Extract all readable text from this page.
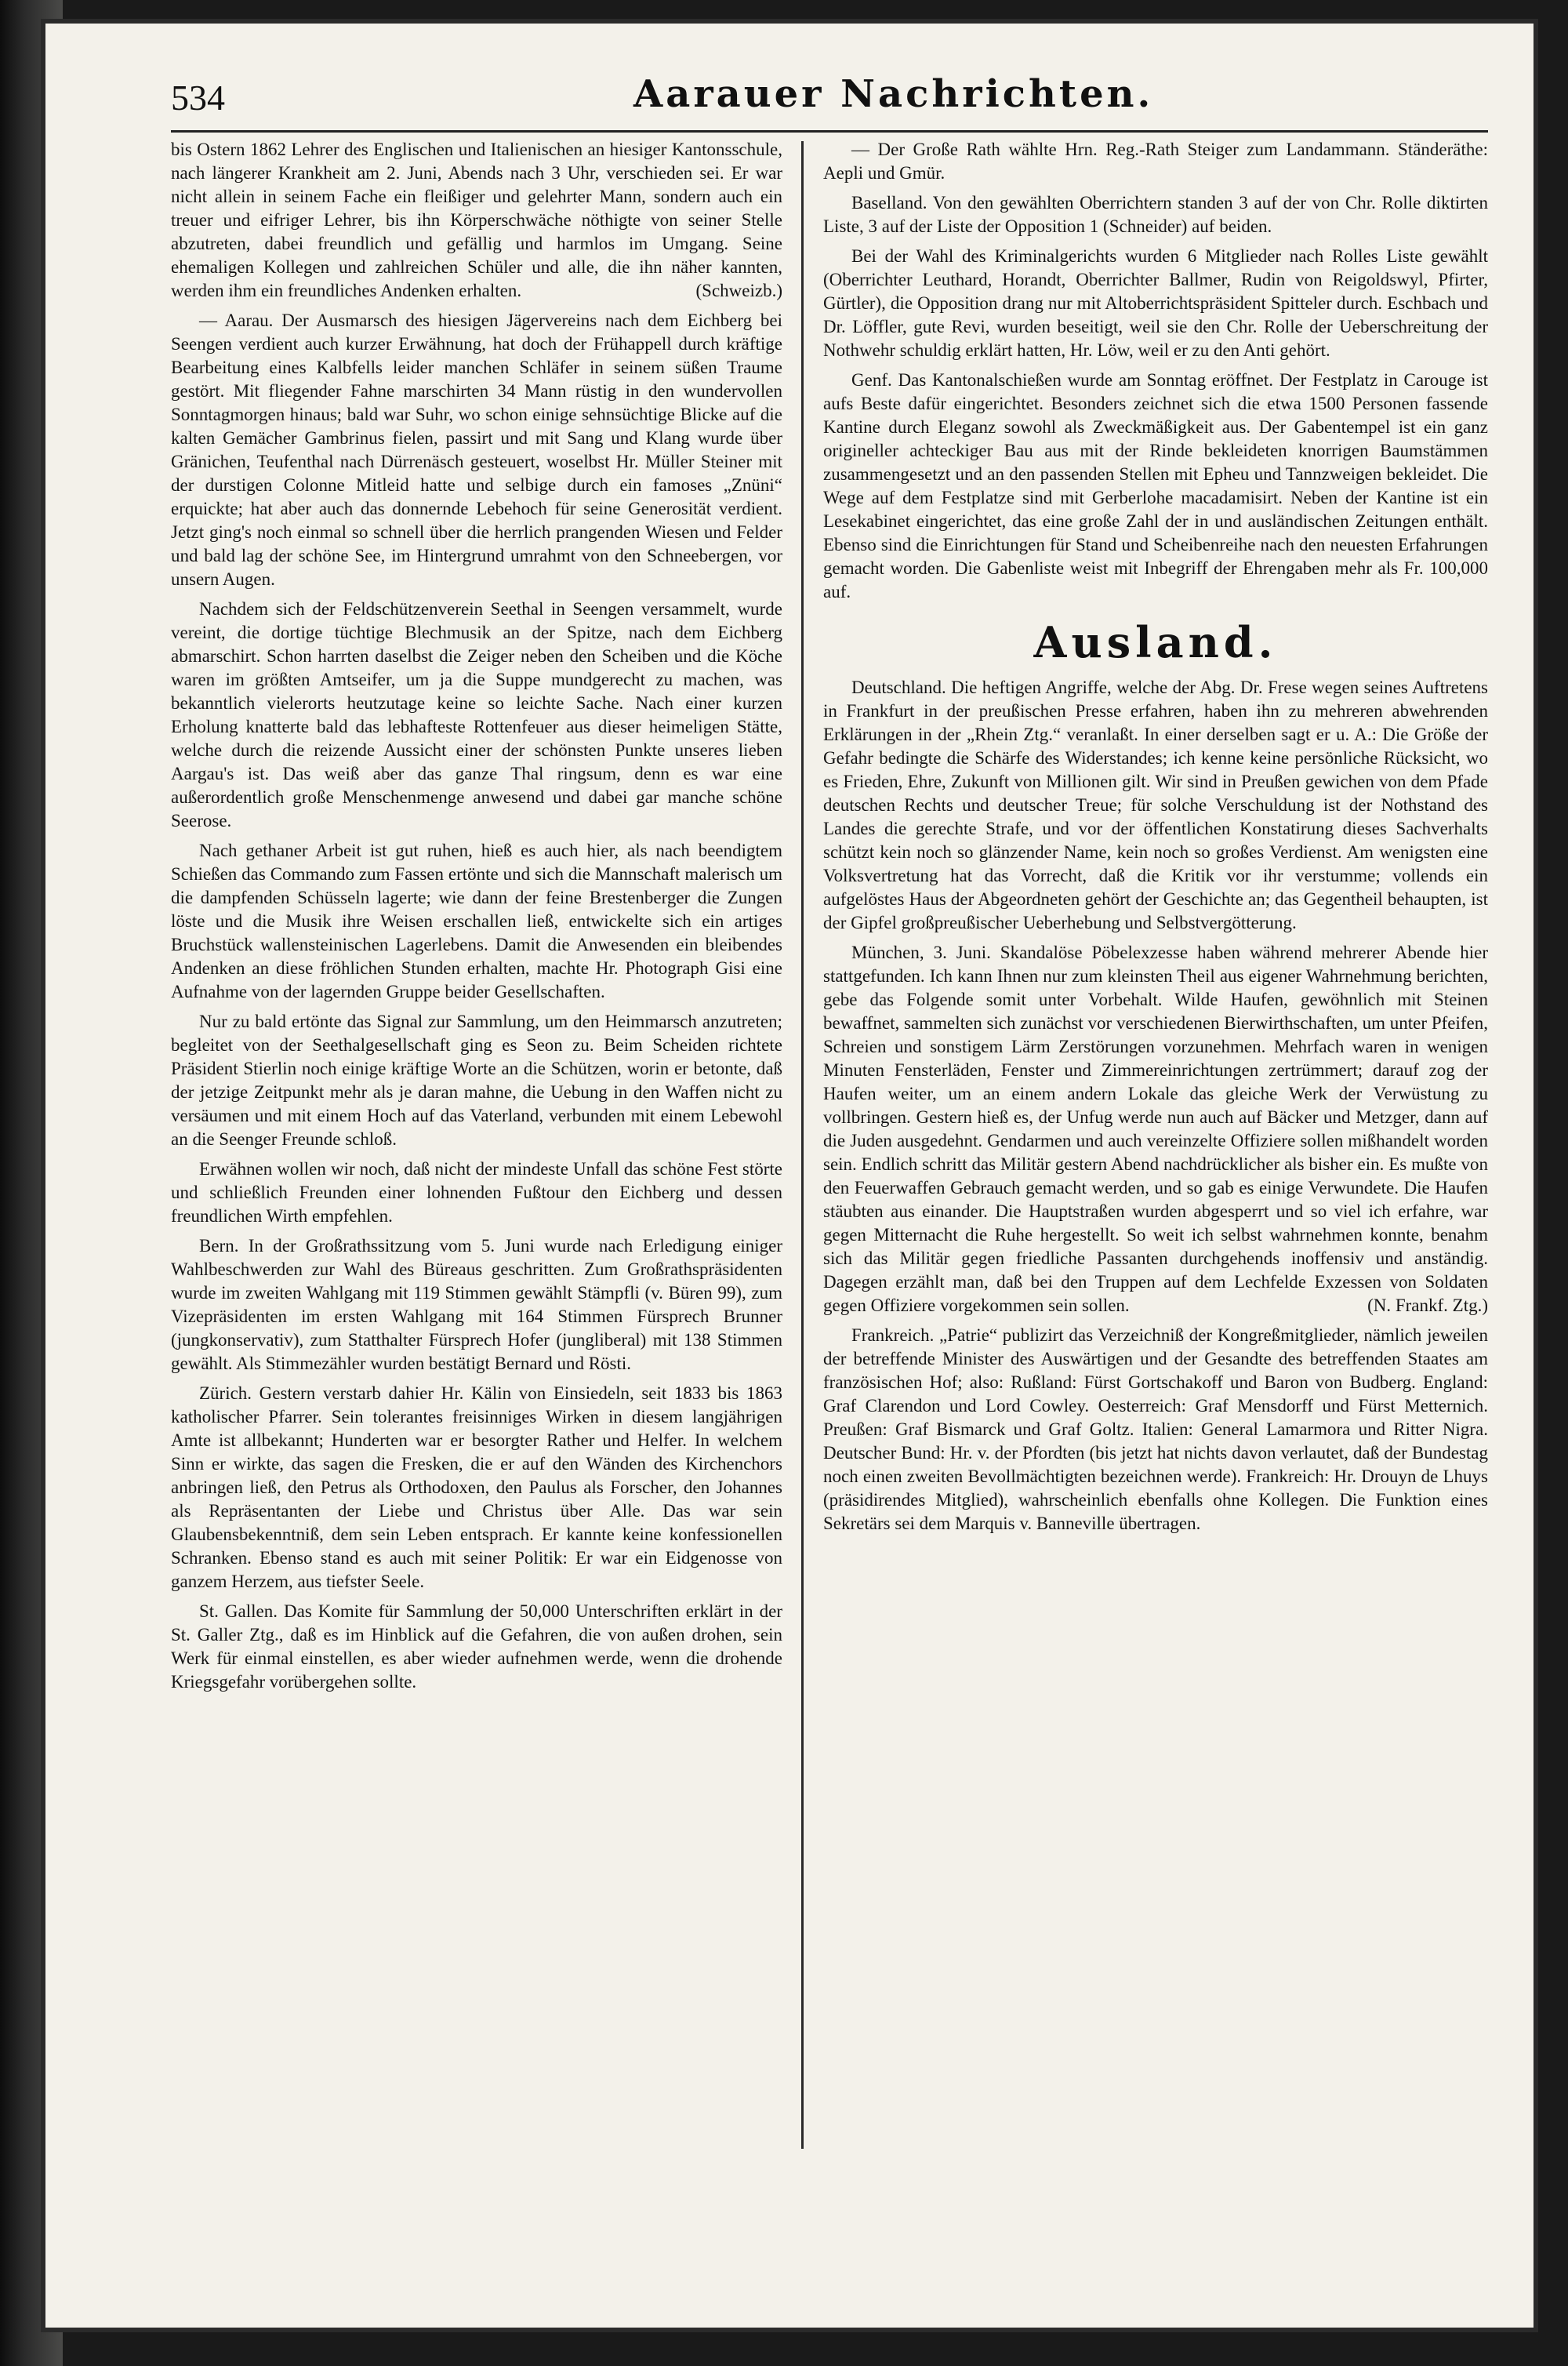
534	Aarauer Nachrichten.

bis Ostern 1862 Lehrer des Englischen und Italienischen an hiesiger Kantonsschule, nach längerer Krankheit am 2. Juni, Abends nach 3 Uhr, verschieden sei. Er war nicht allein in seinem Fache ein fleißiger und gelehrter Mann, sondern auch ein treuer und eifriger Lehrer, bis ihn Körperschwäche nöthigte von seiner Stelle abzutreten, dabei freundlich und gefällig und harmlos im Umgang. Seine ehemaligen Kollegen und zahlreichen Schüler und alle, die ihn näher kannten, werden ihm ein freundliches Andenken erhalten.	(Schweizb.)

— Aarau. Der Ausmarsch des hiesigen Jägervereins nach dem Eichberg bei Seengen verdient auch kurzer Erwähnung, hat doch der Frühappell durch kräftige Bearbeitung eines Kalbfells leider manchen Schläfer in seinem süßen Traume gestört. Mit fliegender Fahne marschirten 34 Mann rüstig in den wundervollen Sonntagmorgen hinaus; bald war Suhr, wo schon einige sehnsüchtige Blicke auf die kalten Gemächer Gambrinus fielen, passirt und mit Sang und Klang wurde über Gränichen, Teufenthal nach Dürrenäsch gesteuert, woselbst Hr. Müller Steiner mit der durstigen Colonne Mitleid hatte und selbige durch ein famoses „Znüni“ erquickte; hat aber auch das donnernde Lebehoch für seine Generosität verdient. Jetzt ging's noch einmal so schnell über die herrlich prangenden Wiesen und Felder und bald lag der schöne See, im Hintergrund umrahmt von den Schneebergen, vor unsern Augen.

Nachdem sich der Feldschützenverein Seethal in Seengen versammelt, wurde vereint, die dortige tüchtige Blechmusik an der Spitze, nach dem Eichberg abmarschirt. Schon harrten daselbst die Zeiger neben den Scheiben und die Köche waren im größten Amtseifer, um ja die Suppe mundgerecht zu machen, was bekanntlich vielerorts heutzutage keine so leichte Sache. Nach einer kurzen Erholung knatterte bald das lebhafteste Rottenfeuer aus dieser heimeligen Stätte, welche durch die reizende Aussicht einer der schönsten Punkte unseres lieben Aargau's ist. Das weiß aber das ganze Thal ringsum, denn es war eine außerordentlich große Menschenmenge anwesend und dabei gar manche schöne Seerose.

Nach gethaner Arbeit ist gut ruhen, hieß es auch hier, als nach beendigtem Schießen das Commando zum Fassen ertönte und sich die Mannschaft malerisch um die dampfenden Schüsseln lagerte; wie dann der feine Brestenberger die Zungen löste und die Musik ihre Weisen erschallen ließ, entwickelte sich ein artiges Bruchstück wallensteinischen Lagerlebens. Damit die Anwesenden ein bleibendes Andenken an diese fröhlichen Stunden erhalten, machte Hr. Photograph Gisi eine Aufnahme von der lagernden Gruppe beider Gesellschaften.

Nur zu bald ertönte das Signal zur Sammlung, um den Heimmarsch anzutreten; begleitet von der Seethalgesellschaft ging es Seon zu. Beim Scheiden richtete Präsident Stierlin noch einige kräftige Worte an die Schützen, worin er betonte, daß der jetzige Zeitpunkt mehr als je daran mahne, die Uebung in den Waffen nicht zu versäumen und mit einem Hoch auf das Vaterland, verbunden mit einem Lebewohl an die Seenger Freunde schloß.

Erwähnen wollen wir noch, daß nicht der mindeste Unfall das schöne Fest störte und schließlich Freunden einer lohnenden Fußtour den Eichberg und dessen freundlichen Wirth empfehlen.

Bern. In der Großrathssitzung vom 5. Juni wurde nach Erledigung einiger Wahlbeschwerden zur Wahl des Büreaus geschritten. Zum Großrathspräsidenten wurde im zweiten Wahlgang mit 119 Stimmen gewählt Stämpfli (v. Büren 99), zum Vizepräsidenten im ersten Wahlgang mit 164 Stimmen Fürsprech Brunner (jungkonservativ), zum Statthalter Fürsprech Hofer (jungliberal) mit 138 Stimmen gewählt. Als Stimmezähler wurden bestätigt Bernard und Rösti.

Zürich. Gestern verstarb dahier Hr. Kälin von Einsiedeln, seit 1833 bis 1863 katholischer Pfarrer. Sein tolerantes freisinniges Wirken in diesem langjährigen Amte ist allbekannt; Hunderten war er besorgter Rather und Helfer. In welchem Sinn er wirkte, das sagen die Fresken, die er auf den Wänden des Kirchenchors anbringen ließ, den Petrus als Orthodoxen, den Paulus als Forscher, den Johannes als Repräsentanten der Liebe und Christus über Alle. Das war sein Glaubensbekenntniß, dem sein Leben entsprach. Er kannte keine konfessionellen Schranken. Ebenso stand es auch mit seiner Politik: Er war ein Eidgenosse von ganzem Herzem, aus tiefster Seele.

St. Gallen. Das Komite für Sammlung der 50,000 Unterschriften erklärt in der St. Galler Ztg., daß es im Hinblick auf die Gefahren, die von außen drohen, sein Werk für einmal einstellen, es aber wieder aufnehmen werde, wenn die drohende Kriegsgefahr vorübergehen sollte.

— Der Große Rath wählte Hrn. Reg.-Rath Steiger zum Landammann. Ständeräthe: Aepli und Gmür.

Baselland. Von den gewählten Oberrichtern standen 3 auf der von Chr. Rolle diktirten Liste, 3 auf der Liste der Opposition 1 (Schneider) auf beiden.

Bei der Wahl des Kriminalgerichts wurden 6 Mitglieder nach Rolles Liste gewählt (Oberrichter Leuthard, Horandt, Oberrichter Ballmer, Rudin von Reigoldswyl, Pfirter, Gürtler), die Opposition drang nur mit Altoberrichtspräsident Spitteler durch. Eschbach und Dr. Löffler, gute Revi, wurden beseitigt, weil sie den Chr. Rolle der Ueberschreitung der Nothwehr schuldig erklärt hatten, Hr. Löw, weil er zu den Anti gehört.

Genf. Das Kantonalschießen wurde am Sonntag eröffnet. Der Festplatz in Carouge ist aufs Beste dafür eingerichtet. Besonders zeichnet sich die etwa 1500 Personen fassende Kantine durch Eleganz sowohl als Zweckmäßigkeit aus. Der Gabentempel ist ein ganz origineller achteckiger Bau aus mit der Rinde bekleideten knorrigen Baumstämmen zusammengesetzt und an den passenden Stellen mit Epheu und Tannzweigen bekleidet. Die Wege auf dem Festplatze sind mit Gerberlohe macadamisirt. Neben der Kantine ist ein Lesekabinet eingerichtet, das eine große Zahl der in und ausländischen Zeitungen enthält. Ebenso sind die Einrichtungen für Stand und Scheibenreihe nach den neuesten Erfahrungen gemacht worden. Die Gabenliste weist mit Inbegriff der Ehrengaben mehr als Fr. 100,000 auf.

Ausland.

Deutschland. Die heftigen Angriffe, welche der Abg. Dr. Frese wegen seines Auftretens in Frankfurt in der preußischen Presse erfahren, haben ihn zu mehreren abwehrenden Erklärungen in der „Rhein Ztg.“ veranlaßt. In einer derselben sagt er u. A.: Die Größe der Gefahr bedingte die Schärfe des Widerstandes; ich kenne keine persönliche Rücksicht, wo es Frieden, Ehre, Zukunft von Millionen gilt. Wir sind in Preußen gewichen von dem Pfade deutschen Rechts und deutscher Treue; für solche Verschuldung ist der Nothstand des Landes die gerechte Strafe, und vor der öffentlichen Konstatirung dieses Sachverhalts schützt kein noch so glänzender Name, kein noch so großes Verdienst. Am wenigsten eine Volksvertretung hat das Vorrecht, daß die Kritik vor ihr verstumme; vollends ein aufgelöstes Haus der Abgeordneten gehört der Geschichte an; das Gegentheil behaupten, ist der Gipfel großpreußischer Ueberhebung und Selbstvergötterung.

München, 3. Juni. Skandalöse Pöbelexzesse haben während mehrerer Abende hier stattgefunden. Ich kann Ihnen nur zum kleinsten Theil aus eigener Wahrnehmung berichten, gebe das Folgende somit unter Vorbehalt. Wilde Haufen, gewöhnlich mit Steinen bewaffnet, sammelten sich zunächst vor verschiedenen Bierwirthschaften, um unter Pfeifen, Schreien und sonstigem Lärm Zerstörungen vorzunehmen. Mehrfach waren in wenigen Minuten Fensterläden, Fenster und Zimmereinrichtungen zertrümmert; darauf zog der Haufen weiter, um an einem andern Lokale das gleiche Werk der Verwüstung zu vollbringen. Gestern hieß es, der Unfug werde nun auch auf Bäcker und Metzger, dann auf die Juden ausgedehnt. Gendarmen und auch vereinzelte Offiziere sollen mißhandelt worden sein. Endlich schritt das Militär gestern Abend nachdrücklicher als bisher ein. Es mußte von den Feuerwaffen Gebrauch gemacht werden, und so gab es einige Verwundete. Die Haufen stäubten aus einander. Die Hauptstraßen wurden abgesperrt und so viel ich erfahre, war gegen Mitternacht die Ruhe hergestellt. So weit ich selbst wahrnehmen konnte, benahm sich das Militär gegen friedliche Passanten durchgehends inoffensiv und anständig. Dagegen erzählt man, daß bei den Truppen auf dem Lechfelde Exzessen von Soldaten gegen Offiziere vorgekommen sein sollen.	(N. Frankf. Ztg.)

Frankreich. „Patrie“ publizirt das Verzeichniß der Kongreßmitglieder, nämlich jeweilen der betreffende Minister des Auswärtigen und der Gesandte des betreffenden Staates am französischen Hof; also: Rußland: Fürst Gortschakoff und Baron von Budberg. England: Graf Clarendon und Lord Cowley. Oesterreich: Graf Mensdorff und Fürst Metternich. Preußen: Graf Bismarck und Graf Goltz. Italien: General Lamarmora und Ritter Nigra. Deutscher Bund: Hr. v. der Pfordten (bis jetzt hat nichts davon verlautet, daß der Bundestag noch einen zweiten Bevollmächtigten bezeichnen werde). Frankreich: Hr. Drouyn de Lhuys (präsidirendes Mitglied), wahrscheinlich ebenfalls ohne Kollegen. Die Funktion eines Sekretärs sei dem Marquis v. Banneville übertragen.
